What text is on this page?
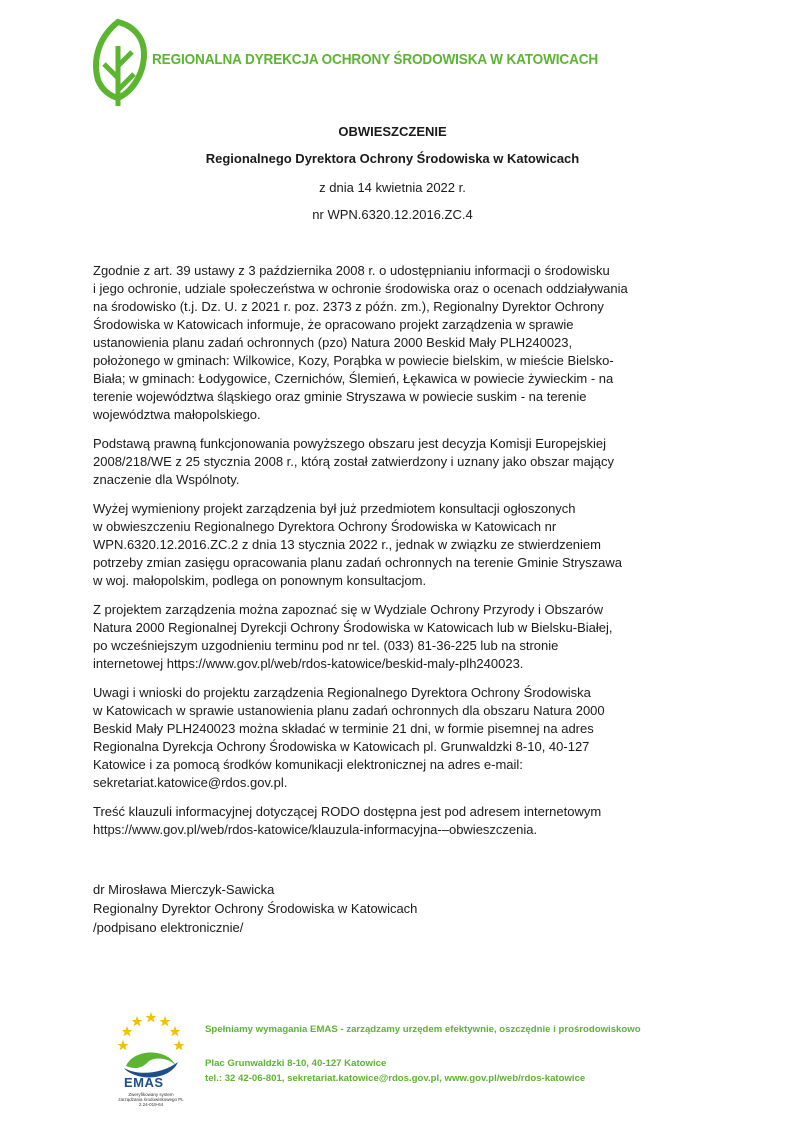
REGIONALNA DYREKCJA OCHRONY ŚRODOWISKA W KATOWICACH
OBWIESZCZENIE
Regionalnego Dyrektora Ochrony Środowiska w Katowicach
z dnia 14 kwietnia 2022 r.
nr WPN.6320.12.2016.ZC.4

Zgodnie z art. 39 ustawy z 3 października 2008 r. o udostępnianiu informacji o środowisku
i jego ochronie, udziale społeczeństwa w ochronie środowiska oraz o ocenach oddziaływania
na środowisko (t.j. Dz. U. z 2021 r. poz. 2373 z późn. zm.), Regionalny Dyrektor Ochrony
Środowiska w Katowicach informuje, że opracowano projekt zarządzenia w sprawie
ustanowienia planu zadań ochronnych (pzo) Natura 2000 Beskid Mały PLH240023,
położonego w gminach: Wilkowice, Kozy, Porąbka w powiecie bielskim, w mieście Bielsko-
Biała; w gminach: Łodygowice, Czernichów, Ślemień, Łękawica w powiecie żywieckim - na
terenie województwa śląskiego oraz gminie Stryszawa w powiecie suskim - na terenie
województwa małopolskiego.

Podstawą prawną funkcjonowania powyższego obszaru jest decyzja Komisji Europejskiej
2008/218/WE z 25 stycznia 2008 r., którą został zatwierdzony i uznany jako obszar mający
znaczenie dla Wspólnoty.

Wyżej wymieniony projekt zarządzenia był już przedmiotem konsultacji ogłoszonych
w obwieszczeniu Regionalnego Dyrektora Ochrony Środowiska w Katowicach nr
WPN.6320.12.2016.ZC.2 z dnia 13 stycznia 2022 r., jednak w związku ze stwierdzeniem
potrzeby zmian zasięgu opracowania planu zadań ochronnych na terenie Gminie Stryszawa
w woj. małopolskim, podlega on ponownym konsultacjom.

Z projektem zarządzenia można zapoznać się w Wydziale Ochrony Przyrody i Obszarów
Natura 2000 Regionalnej Dyrekcji Ochrony Środowiska w Katowicach lub w Bielsku-Białej,
po wcześniejszym uzgodnieniu terminu pod nr tel. (033) 81-36-225 lub na stronie
internetowej https://www.gov.pl/web/rdos-katowice/beskid-maly-plh240023.

Uwagi i wnioski do projektu zarządzenia Regionalnego Dyrektora Ochrony Środowiska
w Katowicach w sprawie ustanowienia planu zadań ochronnych dla obszaru Natura 2000
Beskid Mały PLH240023 można składać w terminie 21 dni, w formie pisemnej na adres
Regionalna Dyrekcja Ochrony Środowiska w Katowicach pl. Grunwaldzki 8-10, 40-127
Katowice i za pomocą środków komunikacji elektronicznej na adres e-mail:
sekretariat.katowice@rdos.gov.pl.

Treść klauzuli informacyjnej dotyczącej RODO dostępna jest pod adresem internetowym
https://www.gov.pl/web/rdos-katowice/klauzula-informacyjna-–obwieszczenia.

dr Mirosława Mierczyk-Sawicka
Regionalny Dyrektor Ochrony Środowiska w Katowicach
/podpisano elektronicznie/
EMAS
Zweryfikowany system zarządzania środowiskowego PL 2.24-019-64
Spełniamy wymagania EMAS - zarządzamy urzędem efektywnie, oszczędnie i prośrodowiskowo
Plac Grunwaldzki 8-10, 40-127 Katowice
tel.: 32 42-06-801, sekretariat.katowice@rdos.gov.pl, www.gov.pl/web/rdos-katowice
